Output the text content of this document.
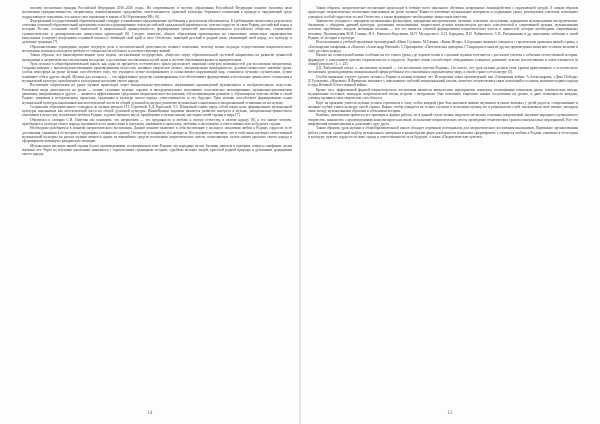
человек воспитания граждан Российской Федерации 2016–2020 годы». На современному в систему образования Российской Федерации понятие заложена цели воспитания гражданственности, патриотизма, взаимоуважения, трудолюбия, ответственности, правовой культуры, бережного отношения к природе и окружающей среде подрастающего поколения, что нашло свое отражение в законе «Об Образовании РФ» [6].

Федеральный государственный образовательный стандарт устанавливает предъявляемые требования к результатам обучающихся. К требованиям личностных результатов освоения основной образовательной программы относятся формирование основ российской гражданской идентичности, чувства гордости за свою Родину, российский народ и историю России, осознание своей этнической и национальной принадлежности; формирование ценностей многонационального российского общества; становление гуманистических и демократических ценностных ориентаций [6]. Следует отметить, общего образования ориентирован на становление личностных характеристик выпускника («портрет выпускника основной школы»): любящий свой край и свое Отечество, знающий русский и родной язык, уважающий свой народ, его культуру и духовные традиции [7].

Образовательные учреждения играют ведущую роль в воспитательной деятельности полного поколения, поэтому новые подходы осуществления патриотического воспитания учащихся молодежи требуют от специалистов глубокого и соответствующих знаний.

Таким образом, все вышеперечисленные цели задачи, поставленные государством, общество перед образовательной системой направлены на развитие ценностей гражданина и патриотического воспитания молодежи, а достижение поставленных целей задач в системе образования является приоритетным.

Урок музыки в общеобразовательной школе, как один из предметов эстетического цикла располагает широким спектром возможностей для воспитания патриотизма. Соприкосновение с высокохудожественными произведениями искусства, активное творческое начало, эмоциональная приподнятость, духовно-личностное значение урока, особая атмосфера на уроке музыки способствуют тому, что учащиеся лучше воспринимают и осмысливают окружающий мир, становятся чуткими слушателями, лучше понимают себя и других людей. Музыка для учащихся — это эффективное средство самовыражения, что обеспечивает формирование и воспитание ценностного отношения к музыкальной культуре, приобщение к культурному наследию своего народа.

Воспитание патриотизма на уроке музыки происходит через эмоционально-чувственное переживание произведений музыкального и изобразительного искусства. Различные виды деятельности на уроке — пение, слушание музыки, хоровое и инструментальное исполнение, пластическое интонирование, музыкально-ритмические движения, импровизация и другое — являются эффективными средствами патриотического воспитания, обеспечивающими развитие у обучающихся чувства любви к своей Родине, уважения к историческому прошлому, традициям и культуре своего народа, ответственности за его будущее. Урок музыки способствует формированию основ музыкальной культуры школьников как неотъемлемой части их общей духовной культуры, развитию музыкального мышления и эмоциональной отзывчивости на музыку.

Сохранение образовательного стандарта по музыке авторов Г.П. Сергеевой, Е.Д. Критской, Т.С. Шмагиной ставит перед собой такую цель: формирование музыкальной культуры школьников как неотъемлемой части их общей духовной культуры. Важнейшими задачами являются развитие интереса к музыке, эмоционально-ценностного отношения к искусству, воспитание любви к Родине, художественного вкуса, приобщение к музыкальному наследию своей страны и мира [7].

Обратимся к словарю С.И. Ожегова мы понимаем, что патриотизм — это преданность и любовь к своему отечеству, к своему народу [8], а это значит человек, приобщаясь к культуре своего народа, проникается его ценностями и идеалами, уважением к прошлому, любовью к настоящему и ответственностью за будущее страны.

Необходимо разобраться в понятии патриотического воспитания. Данное понятие включает в себя воспитание у молодого поколения любви к Родине, гордости за её достижения, уважения к её истории и традициям, готовности служить Отечеству и защищать его интересы. Исследователи отмечают, что в этой связи изучение отечественной музыкальной культуры на уроках музыки является одним из важнейших средств воспитания патриотических чувств, позволяющих лучше понять прошлое своего народа и сформировать активную гражданскую позицию.

Музыкальное наследие нашей страны богато произведениями, посвящёнными теме Родины: это народные песни, былины, кантаты и оратории, оперы и симфонии, песни военных лет. Через их изучение школьники знакомятся с героическими страницами истории, судьбами великих людей, красотой родной природы и духовными традициями своего народа.

14

Таким образом, патриотическое воспитание происходит в течение всего школьного обучения, непрерывно, взаимодействуя с окружающей средой. А самым образом происходит патриотическое воспитание школьников на уроке музыки? Какие-то ключевые музыкальные материалы и содержание урока, реализуемые учителем, наполняют учащихся особой гордостью за своё Отечество, а также формируют необходимые личностные качества.

Знакомство учащихся с народным музыкальным фольклором, народными инструментами, песнями, плясками, частушками, народными музыкальными инструментами, былинами, с обрядами древней культуры, духовными песнопениями, творчеством лучших композиторов русского классической и современной музыки, музыкальными поэтами, зарубежных авторов, военными песнями — всё это является основой формирования патриотических чувств и ценностей, которые необходимы современному человеку. Произведения М.И. Глинки, Н.А. Римского-Корсакова, М.П. Мусоргского, А.П. Бородина, П.И. Чайковского, С.В. Рахманинова и др. наполнены любовью к своей Родине, её истории и культуре.

Использование в учебной программе произведений «Иван Сусанин» М.Глинки, «Князь Игорь» А.Бородина знакомит учащихся с героическим прошлым нашей страны, а «Богатырская симфония» и «Кантата «Александр Невский» С.Прокофьева, «Патетическая оратория» Г.Свиридова и многие другие произведения помогают осознать величие и силу русского народа.

Начало же сознательной жизни особенно на тех этапах урока, где хоровое пение и слушание музыки сочетаются с рассказом учителя о событиях отечественной истории, формирует у школьников чувства сопричастности и гордости. Хоровое пение способствует объединению учащихся, развитию чувства коллективизма и ответственности за общий результат [1, с. 23].

Д.Б. Кабалевский писал: «...воспитание музыкой — это воспитание чувства Родины». Он считал, что урок музыки должен стать уроком нравственного и эстетического воспитания, уроком развития эмоциональной сферы ребёнка и его отношения к окружающему миру, к своей стране и её культуре [5].

Особое внимание следует уделять песням о Родине и песням военных лет. Исполнение таких произведений, как «Священная война» А.Александрова, «День Победы» Д.Тухманова, «Журавли» Я.Френкеля, вызывает у школьников глубокий эмоциональный отклик, помогает почувствовать связь поколений и осознать значение подвига народа в годы Великой Отечественной войны.

Кроме того, эффективной формой патриотического воспитания являются внеклассные мероприятия: концерты, посвящённые памятным датам, тематические вечера, музыкальные гостиные, конкурсы патриотической песни, встречи с ветеранами. Они позволяют закрепить знания, полученные на уроках, и дают возможность каждому ученику проявить свои творческие способности.

Идёт на практике учитель музыки должен стремиться к тому, чтобы каждый урок был наполнен живым звучанием музыки, вызывал у детей радость, сопереживание и желание глубже узнать культуру своей страны. Важно, чтобы учащиеся не только слушали и исполняли музыку, но и размышляли о ней, высказывали своё мнение, находили связь между музыкальными образами и событиями истории.

Конечно, невозможно привести все примеры и формы работы, но в данной статье можно выделить несколько основных направлений: изучение народного музыкального творчества, знакомство с произведениями композиторов-классиков, исполнение патриотических песен, проведение тематических уроков и внеклассных мероприятий. Все эти направления взаимосвязаны и дополняют друг друга.

Таким образом, урок музыки в общеобразовательной школе обладает огромным потенциалом для патриотического воспитания школьников. Правильно организованная работа учителя, грамотный подбор музыкального материала и разнообразие форм деятельности позволяют сформировать у учащихся любовь к Родине, уважение к её истории и культуре, чувство гордости за свою страну и ответственности за её будущее, а также «Патриотические чувства».

15
